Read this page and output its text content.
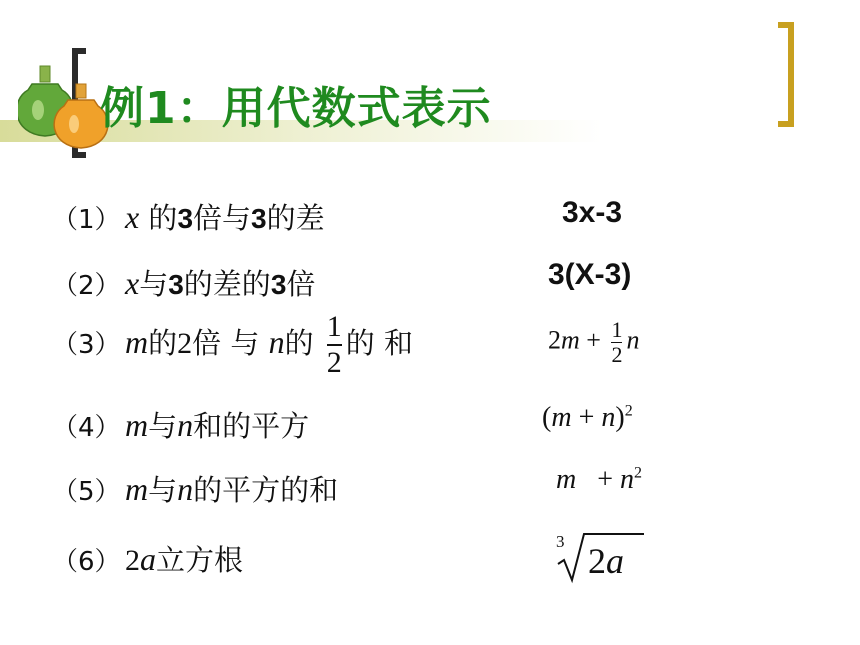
例1：用代数式表示
（1） x 的3倍与3的差
（2） x与3的差的3倍
（3） m的2倍 与 n的 $\frac{1}{2}$ 的 和
（4） m与n和的平方
（5） m与n的平方的和
（6） 2a立方根
3x-3
3(X-3)
$2m + \frac{1}{2}$ n
$(m + n)^2$
$m + n^2$
3 2a
